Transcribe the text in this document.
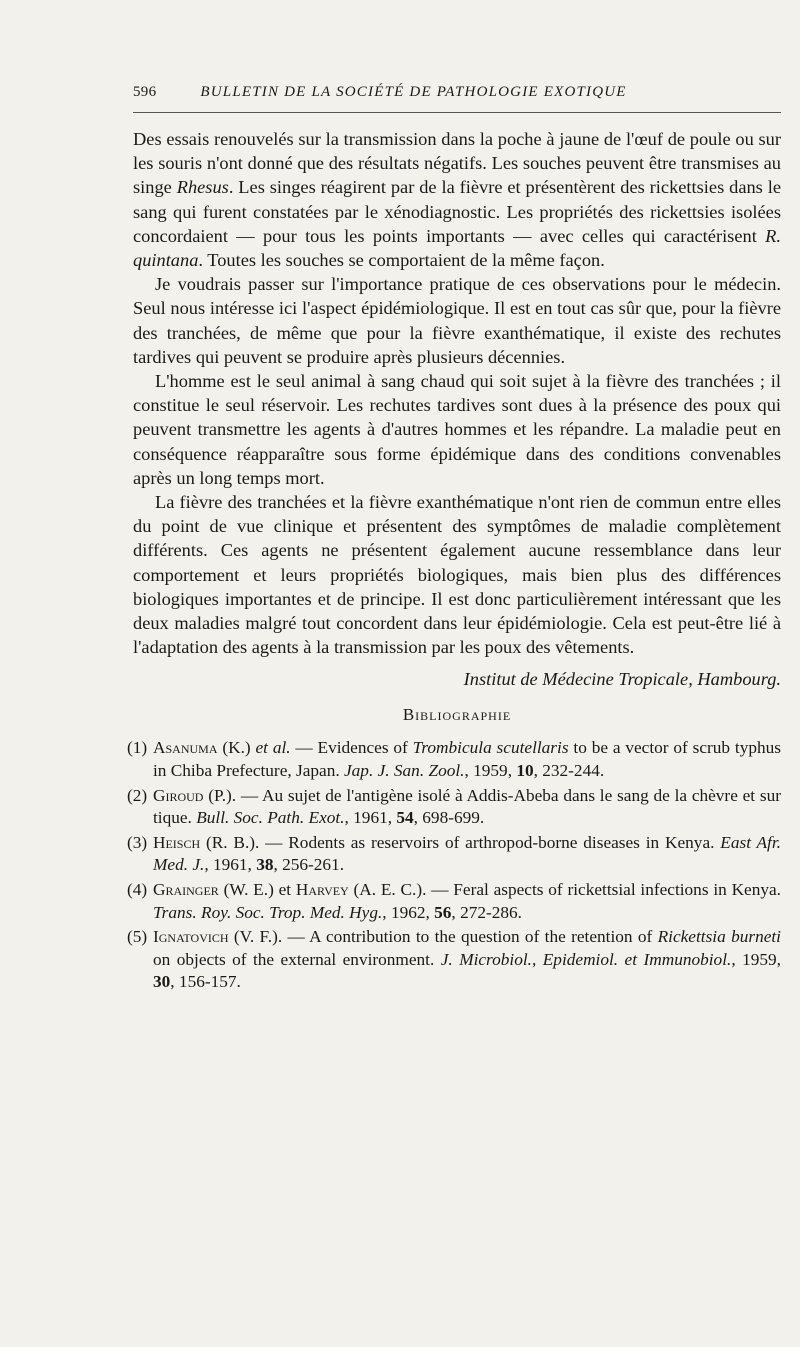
596	BULLETIN DE LA SOCIÉTÉ DE PATHOLOGIE EXOTIQUE

Des essais renouvelés sur la transmission dans la poche à jaune de l'œuf de poule ou sur les souris n'ont donné que des résultats négatifs. Les souches peuvent être transmises au singe Rhesus. Les singes réagirent par de la fièvre et présentèrent des rickettsies dans le sang qui furent constatées par le xénodiagnostic. Les propriétés des rickettsies isolées concordaient — pour tous les points importants — avec celles qui caractérisent R. quintana. Toutes les souches se comportaient de la même façon.

Je voudrais passer sur l'importance pratique de ces observations pour le médecin. Seul nous intéresse ici l'aspect épidémiologique. Il est en tout cas sûr que, pour la fièvre des tranchées, de même que pour la fièvre exanthématique, il existe des rechutes tardives qui peuvent se produire après plusieurs décennies.

L'homme est le seul animal à sang chaud qui soit sujet à la fièvre des tranchées ; il constitue le seul réservoir. Les rechutes tardives sont dues à la présence des poux qui peuvent transmettre les agents à d'autres hommes et les répandre. La maladie peut en conséquence réapparaître sous forme épidémique dans des conditions convenables après un long temps mort.

La fièvre des tranchées et la fièvre exanthématique n'ont rien de commun entre elles du point de vue clinique et présentent des symptômes de maladie complètement différents. Ces agents ne présentent également aucune ressemblance dans leur comportement et leurs propriétés biologiques, mais bien plus des différences biologiques importantes et de principe. Il est donc particulièrement intéressant que les deux maladies malgré tout concordent dans leur épidémiologie. Cela est peut-être lié à l'adaptation des agents à la transmission par les poux des vêtements.

Institut de Médecine Tropicale, Hambourg.
Bibliographie
(1) Asanuma (K.) et al. — Evidences of Trombicula scutellaris to be a vector of scrub typhus in Chiba Prefecture, Japan. Jap. J. San. Zool., 1959, 10, 232-244.
(2) Giroud (P.). — Au sujet de l'antigène isolé à Addis-Abeba dans le sang de la chèvre et sur tique. Bull. Soc. Path. Exot., 1961, 54, 698-699.
(3) Heisch (R. B.). — Rodents as reservoirs of arthropod-borne diseases in Kenya. East Afr. Med. J., 1961, 38, 256-261.
(4) Grainger (W. E.) et Harvey (A. E. C.). — Feral aspects of rickettsial infections in Kenya. Trans. Roy. Soc. Trop. Med. Hyg., 1962, 56, 272-286.
(5) Ignatovich (V. F.). — A contribution to the question of the retention of Rickettsia burneti on objects of the external environment. J. Microbiol., Epidemiol. et Immunobiol., 1959, 30, 156-157.
